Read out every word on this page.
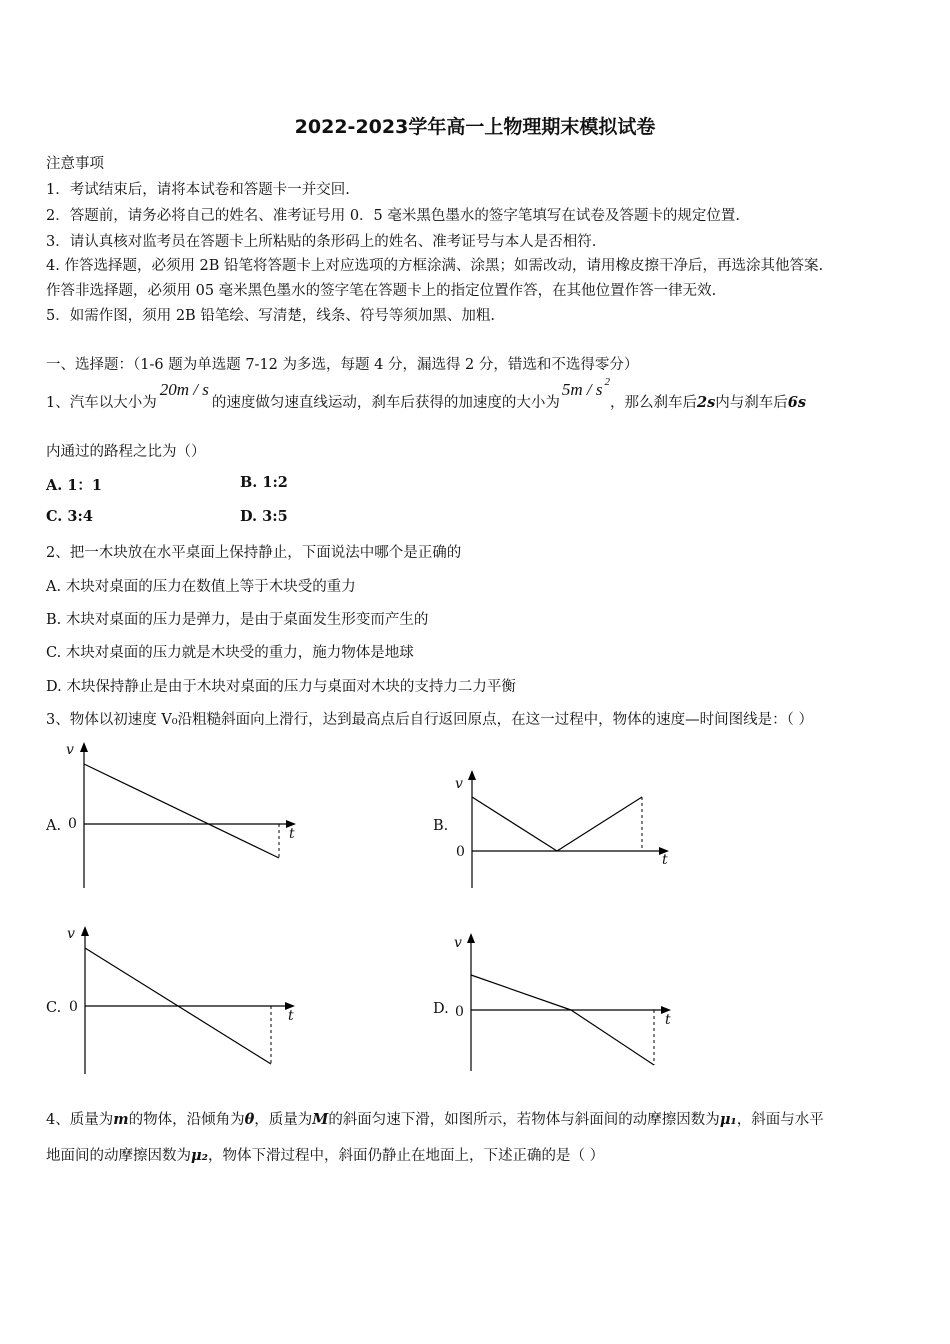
2022-2023学年高一上物理期末模拟试卷
注意事项
1．考试结束后，请将本试卷和答题卡一并交回.
2．答题前，请务必将自己的姓名、准考证号用 0．5 毫米黑色墨水的签字笔填写在试卷及答题卡的规定位置.
3．请认真核对监考员在答题卡上所粘贴的条形码上的姓名、准考证号与本人是否相符.
4. 作答选择题，必须用 2B 铅笔将答题卡上对应选项的方框涂满、涂黑；如需改动，请用橡皮擦干净后，再选涂其他答案.
作答非选择题，必须用 05 毫米黑色墨水的签字笔在答题卡上的指定位置作答，在其他位置作答一律无效.
5．如需作图，须用 2B 铅笔绘、写清楚，线条、符号等须加黑、加粗.
一、选择题：（1-6 题为单选题 7-12 为多选，每题 4 分，漏选得 2 分，错选和不选得零分）
1、汽车以大小为20m / s的速度做匀速直线运动，刹车后获得的加速度的大小为5m / s $^2$，那么刹车后2s内与刹车后6s
内通过的路程之比为（）
A. 1：1	B. 1:2
C. 3:4	D. 3:5
2、把一木块放在水平桌面上保持静止，下面说法中哪个是正确的
A. 木块对桌面的压力在数值上等于木块受的重力
B. 木块对桌面的压力是弹力，是由于桌面发生形变而产生的
C. 木块对桌面的压力就是木块受的重力，施力物体是地球
D. 木块保持静止是由于木块对桌面的压力与桌面对木块的支持力二力平衡
3、物体以初速度 V₀沿粗糙斜面向上滑行，达到最高点后自行返回原点，在这一过程中，物体的速度—时间图线是：（ ）
A.
v
0
t	B.
v
0	t
C.
v
0
t	D.
v
0	t
4、质量为m的物体，沿倾角为θ，质量为M的斜面匀速下滑，如图所示，若物体与斜面间的动摩擦因数为μ₁，斜面与水平
地面间的动摩擦因数为μ₂，物体下滑过程中，斜面仍静止在地面上，下述正确的是（ ）
